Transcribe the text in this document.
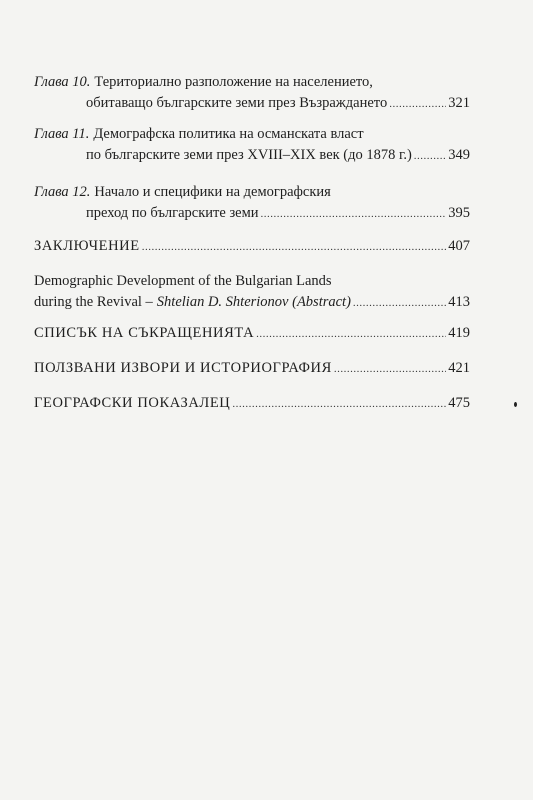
Глава 10. Териториално разположение на населението,
обитаващо българските земи през Възраждането .....	321
Глава 11. Демографска политика на османската власт
по българските земи през XVIII–XIX век (до 1878 г.) .....	349
Глава 12. Начало и специфики на демографския
преход по българските земи .....	395
ЗАКЛЮЧЕНИЕ .....	407
Demographic Development of the Bulgarian Lands
during the Revival – Shtelian D. Shterionov (Abstract) .....	413
СПИСЪК НА СЪКРАЩЕНИЯТА .....	419
ПОЛЗВАНИ ИЗВОРИ И ИСТОРИОГРАФИЯ .....	421
ГЕОГРАФСКИ ПОКАЗАЛЕЦ .....	475
